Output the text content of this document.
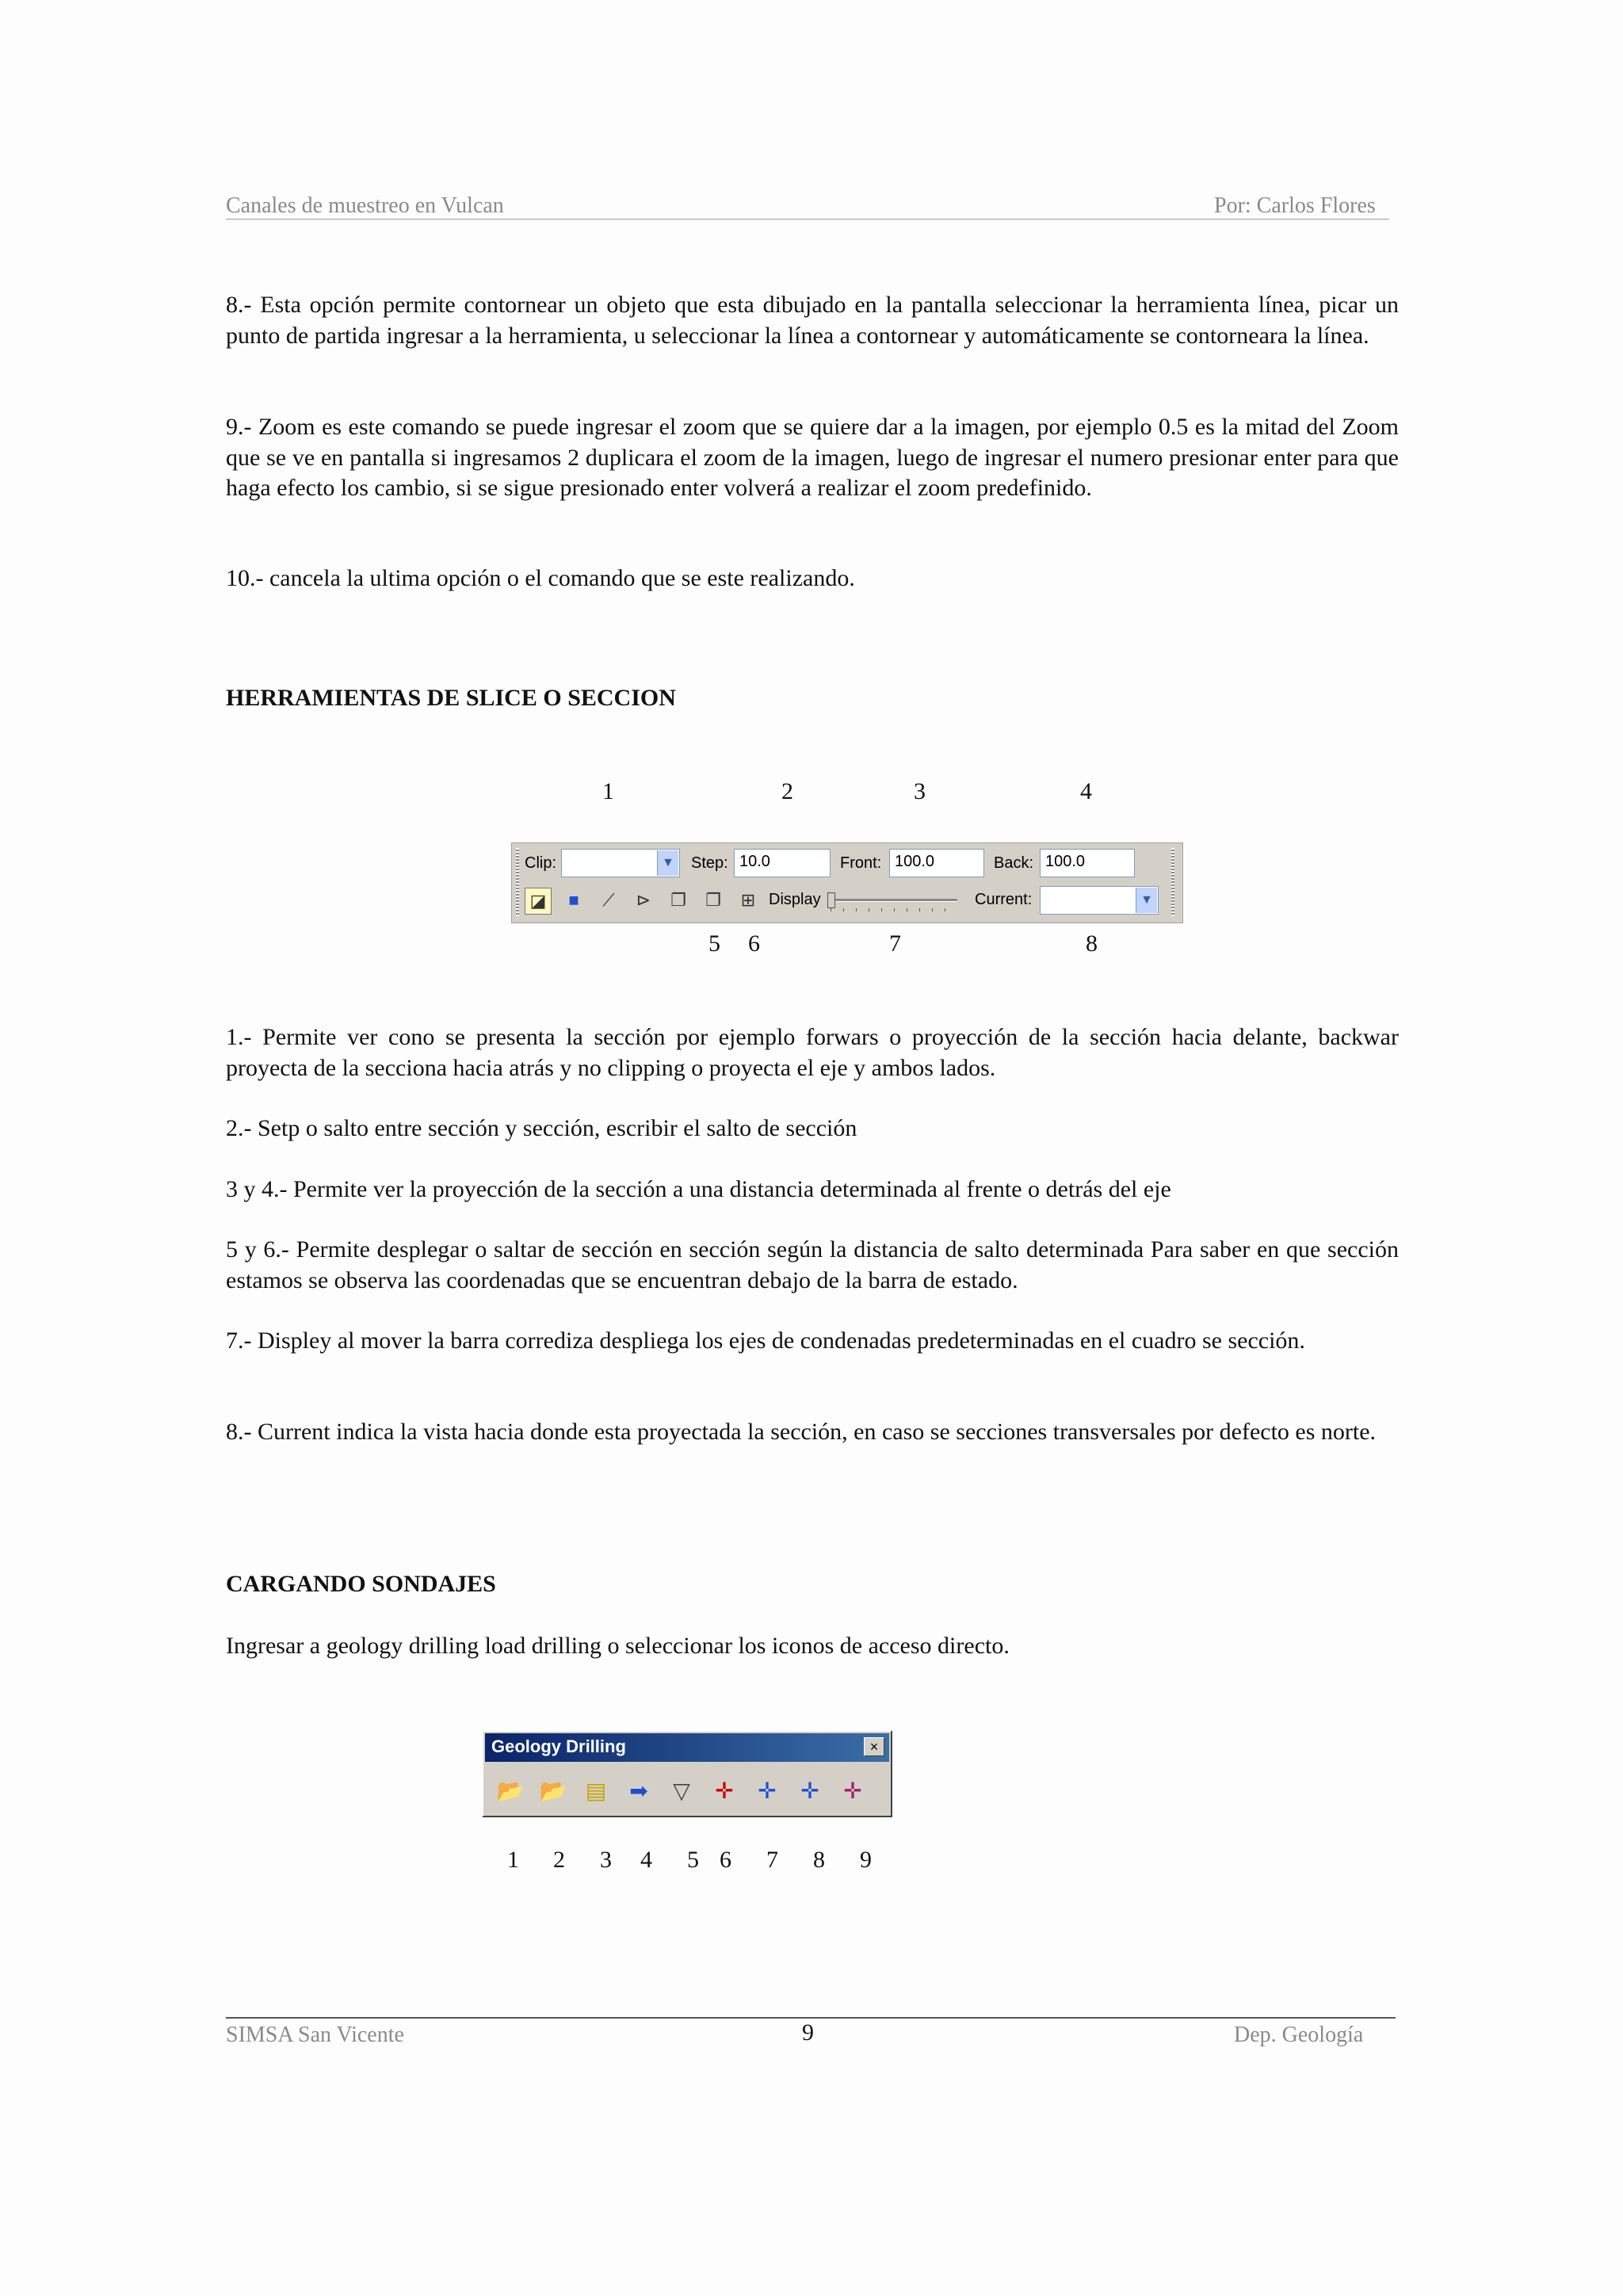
Canales de muestreo en Vulcan	Por: Carlos Flores
8.- Esta opción permite contornear un objeto que esta dibujado en la pantalla seleccionar la herramienta línea, picar un punto de partida ingresar a la herramienta, u seleccionar la línea a contornear y automáticamente se contorneara la línea.
9.- Zoom es este comando se puede ingresar el zoom que se quiere dar a la imagen, por ejemplo 0.5 es la mitad del Zoom que se ve en pantalla si ingresamos 2 duplicara el zoom de la imagen, luego de ingresar el numero presionar enter para que haga efecto los cambio, si se sigue presionado enter volverá a realizar el zoom predefinido.
10.- cancela la ultima opción o el comando que se este realizando.
HERRAMIENTAS DE SLICE O SECCION
1	2	3	4
Clip:	▼ Step: 10.0	Front: 100.0	Back: 100.0
◪	■	⟋	⊳	❐ ❐	⊞ Display	Current:	▼
5 6	7	8
1.- Permite ver cono se presenta la sección por ejemplo forwars o proyección de la sección hacia delante, backwar proyecta de la secciona hacia atrás y no clipping o proyecta el eje y ambos lados.
2.- Setp o salto entre sección y sección, escribir el salto de sección
3 y 4.- Permite ver la proyección de la sección a una distancia determinada al frente o detrás del eje
5 y 6.- Permite desplegar o saltar de sección en sección según la distancia de salto determinada Para saber en que sección estamos se observa las coordenadas que se encuentran debajo de la barra de estado.
7.- Displey al mover la barra corrediza despliega los ejes de condenadas predeterminadas en el cuadro se sección.
8.- Current indica la vista hacia donde esta proyectada la sección, en caso se secciones transversales por defecto es norte.
CARGANDO SONDAJES
Ingresar a geology drilling load drilling o seleccionar los iconos de acceso directo.
Geology Drilling	×
📂 📂 ▤	➡	▽	✛	✛	✛	✛
1 2 3 4 5 6 7 8 9
SIMSA San Vicente	9	Dep. Geología
